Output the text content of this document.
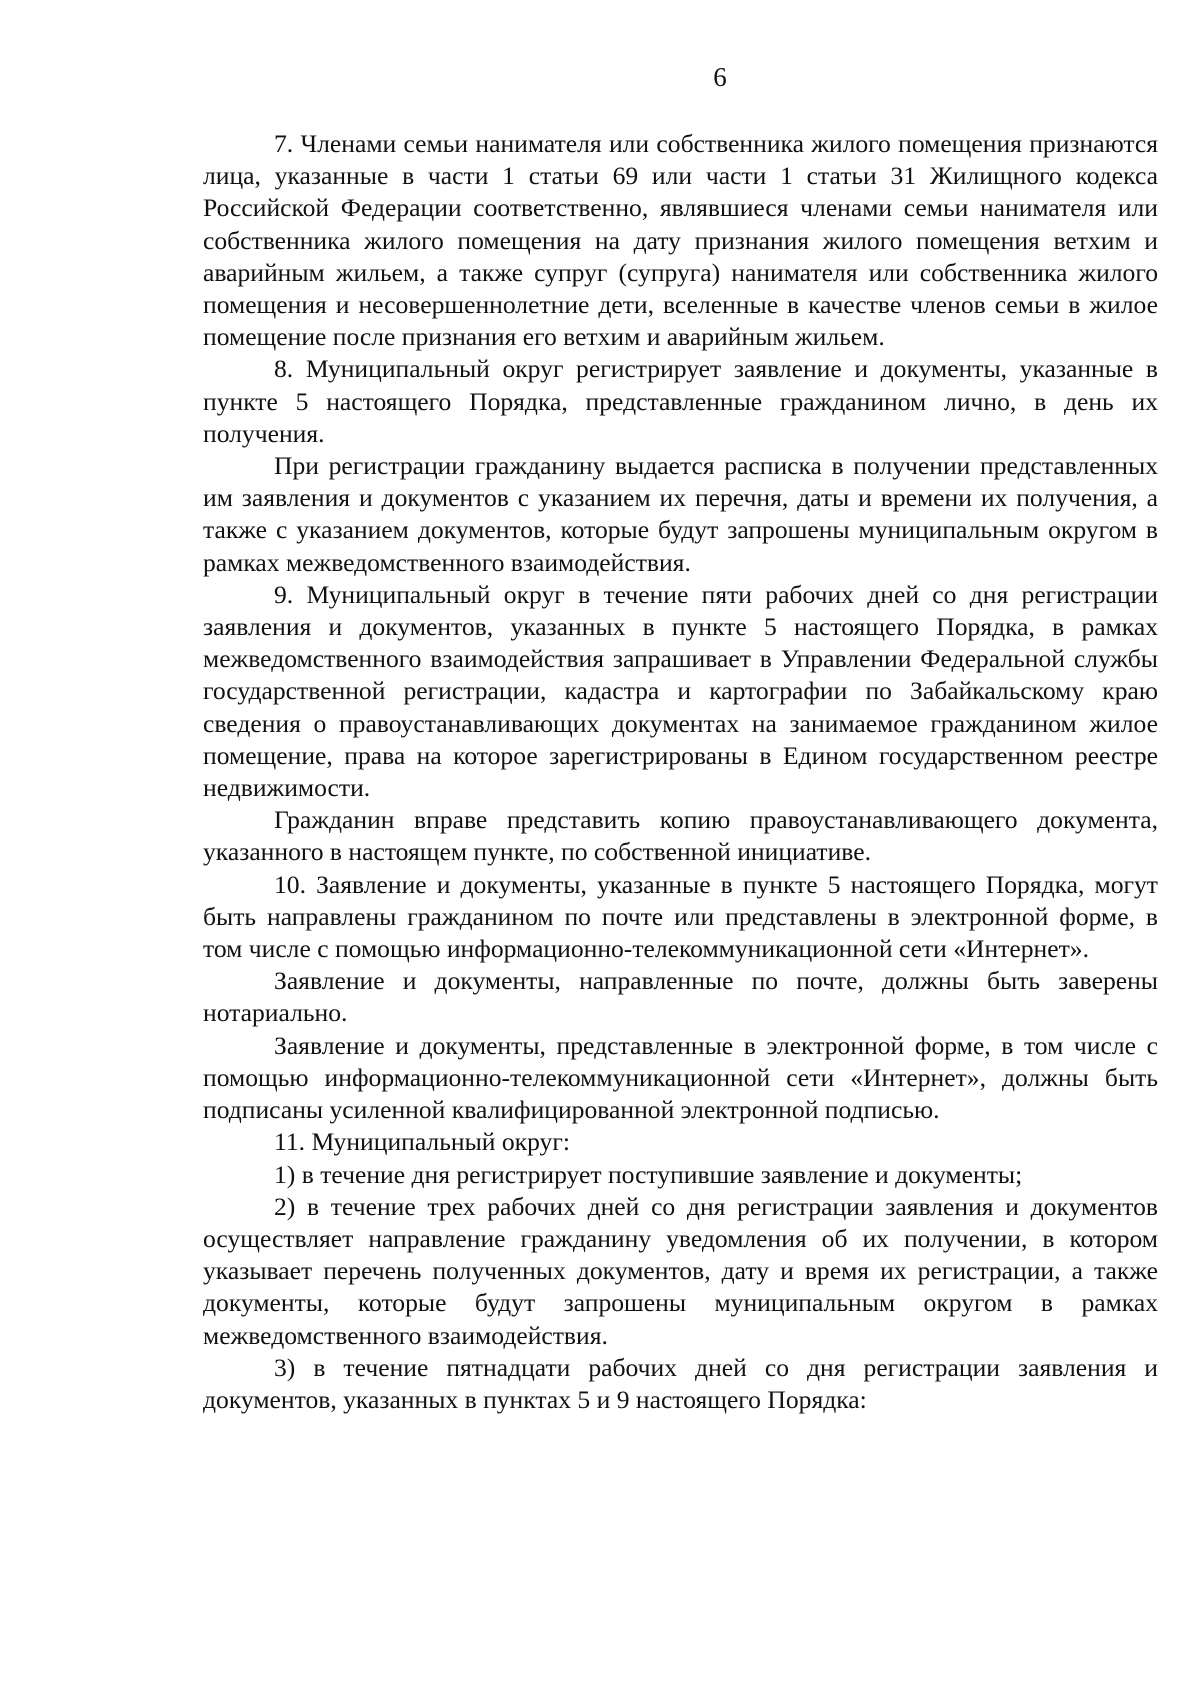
6

7. Членами семьи нанимателя или собственника жилого помещения признаются лица, указанные в части 1 статьи 69 или части 1 статьи 31 Жилищного кодекса Российской Федерации соответственно, являвшиеся членами семьи нанимателя или собственника жилого помещения на дату признания жилого помещения ветхим и аварийным жильем, а также супруг (супруга) нанимателя или собственника жилого помещения и несовершеннолетние дети, вселенные в качестве членов семьи в жилое помещение после признания его ветхим и аварийным жильем.

8. Муниципальный округ регистрирует заявление и документы, указанные в пункте 5 настоящего Порядка, представленные гражданином лично, в день их получения.

При регистрации гражданину выдается расписка в получении представленных им заявления и документов с указанием их перечня, даты и времени их получения, а также с указанием документов, которые будут запрошены муниципальным округом в рамках межведомственного взаимодействия.

9. Муниципальный округ в течение пяти рабочих дней со дня регистрации заявления и документов, указанных в пункте 5 настоящего Порядка, в рамках межведомственного взаимодействия запрашивает в Управлении Федеральной службы государственной регистрации, кадастра и картографии по Забайкальскому краю сведения о правоустанавливающих документах на занимаемое гражданином жилое помещение, права на которое зарегистрированы в Едином государственном реестре недвижимости.

Гражданин вправе представить копию правоустанавливающего документа, указанного в настоящем пункте, по собственной инициативе.

10. Заявление и документы, указанные в пункте 5 настоящего Порядка, могут быть направлены гражданином по почте или представлены в электронной форме, в том числе с помощью информационно-телекоммуникационной сети «Интернет».

Заявление и документы, направленные по почте, должны быть заверены нотариально.

Заявление и документы, представленные в электронной форме, в том числе с помощью информационно-телекоммуникационной сети «Интернет», должны быть подписаны усиленной квалифицированной электронной подписью.

11. Муниципальный округ:

1) в течение дня регистрирует поступившие заявление и документы;

2) в течение трех рабочих дней со дня регистрации заявления и документов осуществляет направление гражданину уведомления об их получении, в котором указывает перечень полученных документов, дату и время их регистрации, а также документы, которые будут запрошены муниципальным округом в рамках межведомственного взаимодействия.

3) в течение пятнадцати рабочих дней со дня регистрации заявления и документов, указанных в пунктах 5 и 9 настоящего Порядка:
